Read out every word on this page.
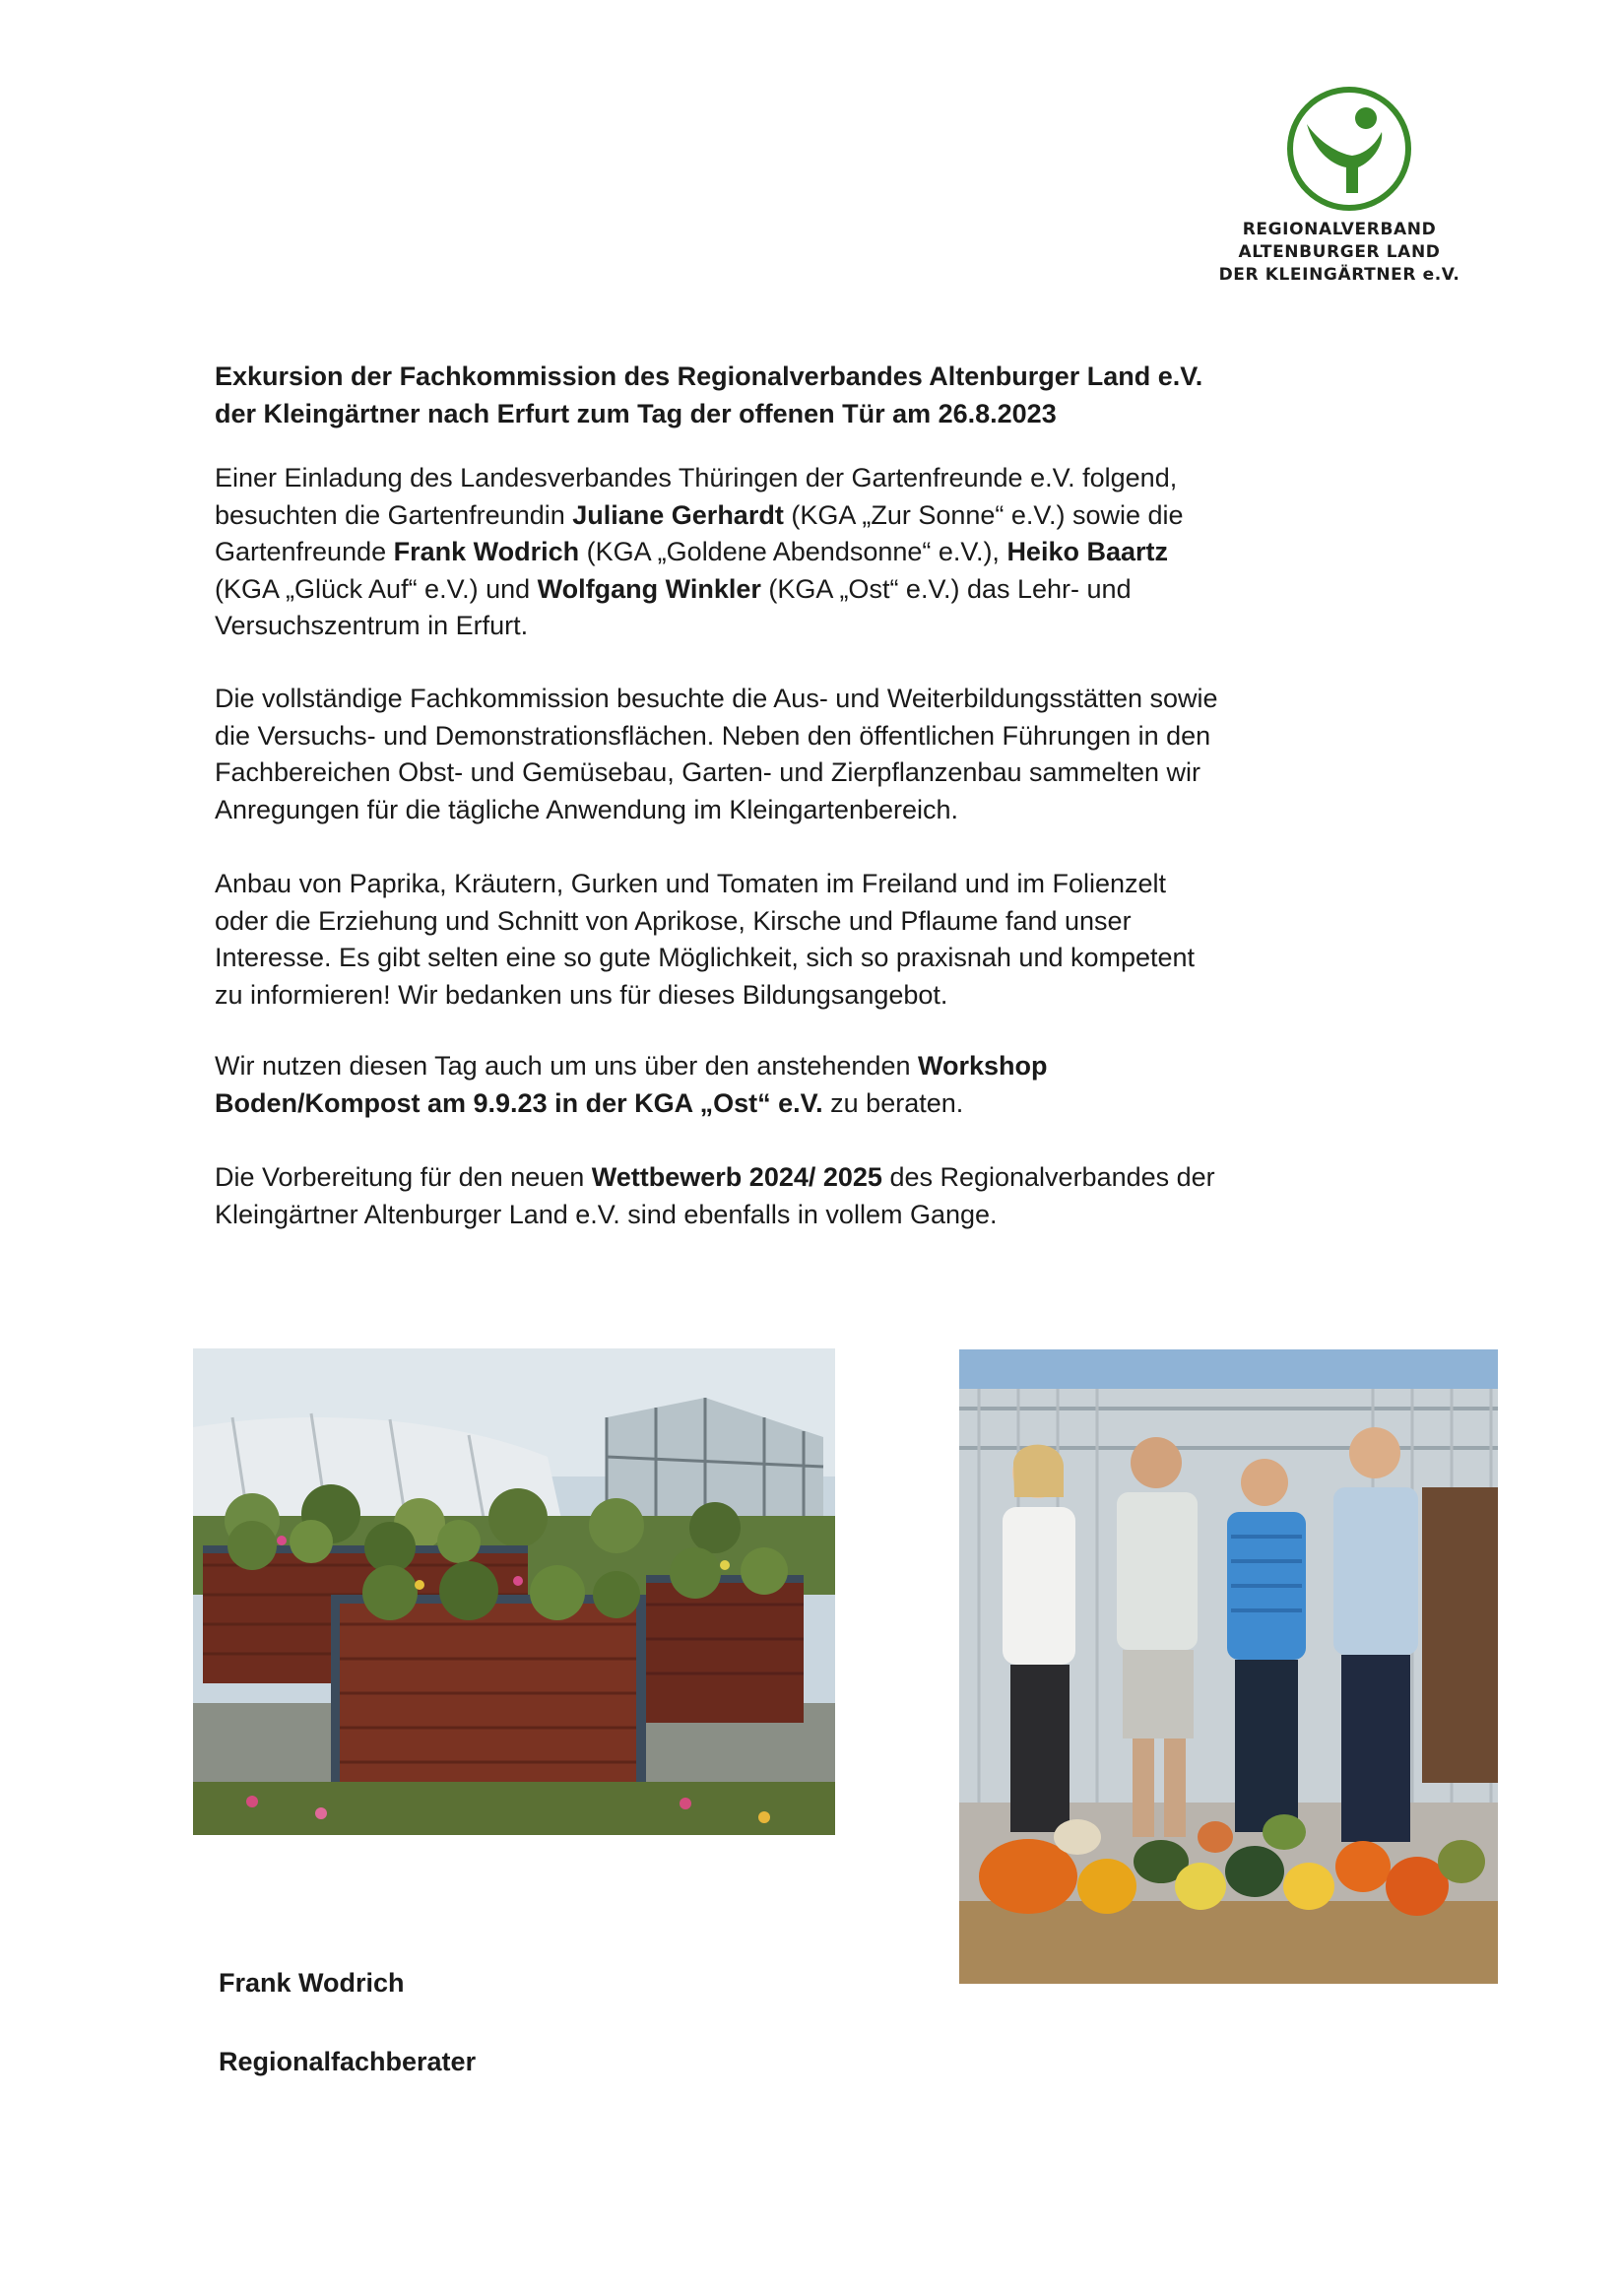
REGIONALVERBAND
ALTENBURGER LAND
DER KLEINGÄRTNER e.V.
Exkursion der Fachkommission des Regionalverbandes Altenburger Land e.V.
der Kleingärtner nach Erfurt zum Tag der offenen Tür am 26.8.2023
Einer Einladung des Landesverbandes Thüringen der Gartenfreunde e.V. folgend,
besuchten die Gartenfreundin Juliane Gerhardt (KGA „Zur Sonne“ e.V.) sowie die
Gartenfreunde Frank Wodrich (KGA „Goldene Abendsonne“ e.V.), Heiko Baartz
(KGA „Glück Auf“ e.V.) und Wolfgang Winkler (KGA „Ost“ e.V.) das Lehr- und
Versuchszentrum in Erfurt.
Die vollständige Fachkommission besuchte die Aus- und Weiterbildungsstätten sowie
die Versuchs- und Demonstrationsflächen. Neben den öffentlichen Führungen in den
Fachbereichen Obst- und Gemüsebau, Garten- und Zierpflanzenbau sammelten wir
Anregungen für die tägliche Anwendung im Kleingartenbereich.
Anbau von Paprika, Kräutern, Gurken und Tomaten im Freiland und im Folienzelt
oder die Erziehung und Schnitt von Aprikose, Kirsche und Pflaume fand unser
Interesse. Es gibt selten eine so gute Möglichkeit, sich so praxisnah und kompetent
zu informieren! Wir bedanken uns für dieses Bildungsangebot.
Wir nutzen diesen Tag auch um uns über den anstehenden Workshop
Boden/Kompost am 9.9.23 in der KGA „Ost“ e.V. zu beraten.
Die Vorbereitung für den neuen Wettbewerb 2024/ 2025 des Regionalverbandes der
Kleingärtner Altenburger Land e.V. sind ebenfalls in vollem Gange.
Frank Wodrich
Regionalfachberater
